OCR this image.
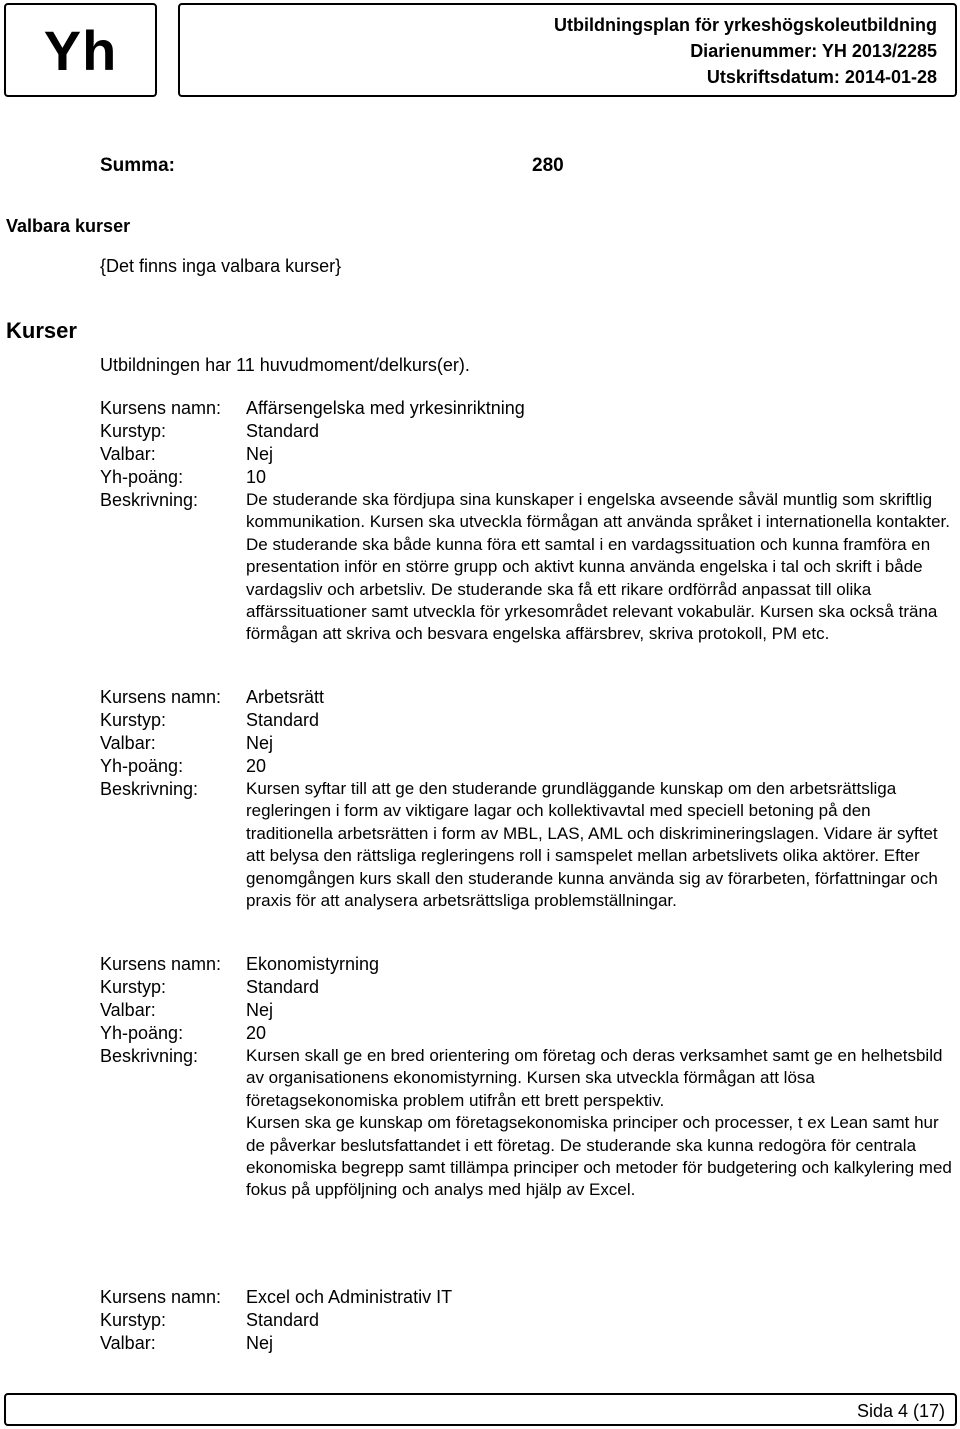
Yh	Utbildningsplan för yrkeshögskoleutbildning
Diarienummer: YH 2013/2285
Utskriftsdatum: 2014-01-28
Summa:	280
Valbara kurser
{Det finns inga valbara kurser}
Kurser
Utbildningen har 11 huvudmoment/delkurs(er).
Kursens namn:	Affärsengelska med yrkesinriktning
Kurstyp:	Standard
Valbar:	Nej
Yh-poäng:	10
Beskrivning:	De studerande ska fördjupa sina kunskaper i engelska avseende såväl muntlig som skriftlig kommunikation. Kursen ska utveckla förmågan att använda språket i internationella kontakter. De studerande ska både kunna föra ett samtal i en vardagssituation och kunna framföra en presentation inför en större grupp och aktivt kunna använda engelska i tal och skrift i både vardagsliv och arbetsliv. De studerande ska få ett rikare ordförråd anpassat till olika affärssituationer samt utveckla för yrkesområdet relevant vokabulär. Kursen ska också träna förmågan att skriva och besvara engelska affärsbrev, skriva protokoll, PM etc.
Kursens namn:	Arbetsrätt
Kurstyp:	Standard
Valbar:	Nej
Yh-poäng:	20
Beskrivning:	Kursen syftar till att ge den studerande grundläggande kunskap om den arbetsrättsliga regleringen i form av viktigare lagar och kollektivavtal med speciell betoning på den traditionella arbetsrätten i form av MBL, LAS, AML och diskrimineringslagen. Vidare är syftet att belysa den rättsliga regleringens roll i samspelet mellan arbetslivets olika aktörer. Efter genomgången kurs skall den studerande kunna använda sig av förarbeten, författningar och praxis för att analysera arbetsrättsliga problemställningar.
Kursens namn:	Ekonomistyrning
Kurstyp:	Standard
Valbar:	Nej
Yh-poäng:	20
Beskrivning:	Kursen skall ge en bred orientering om företag och deras verksamhet samt ge en helhetsbild av organisationens ekonomistyrning. Kursen ska utveckla förmågan att lösa företagsekonomiska problem utifrån ett brett perspektiv.
Kursen ska ge kunskap om företagsekonomiska principer och processer, t ex Lean samt hur de påverkar beslutsfattandet i ett företag. De studerande ska kunna redogöra för centrala ekonomiska begrepp samt tillämpa principer och metoder för budgetering och kalkylering med fokus på uppföljning och analys med hjälp av Excel.
Kursens namn:	Excel och Administrativ IT
Kurstyp:	Standard
Valbar:	Nej
Sida 4 (17)
